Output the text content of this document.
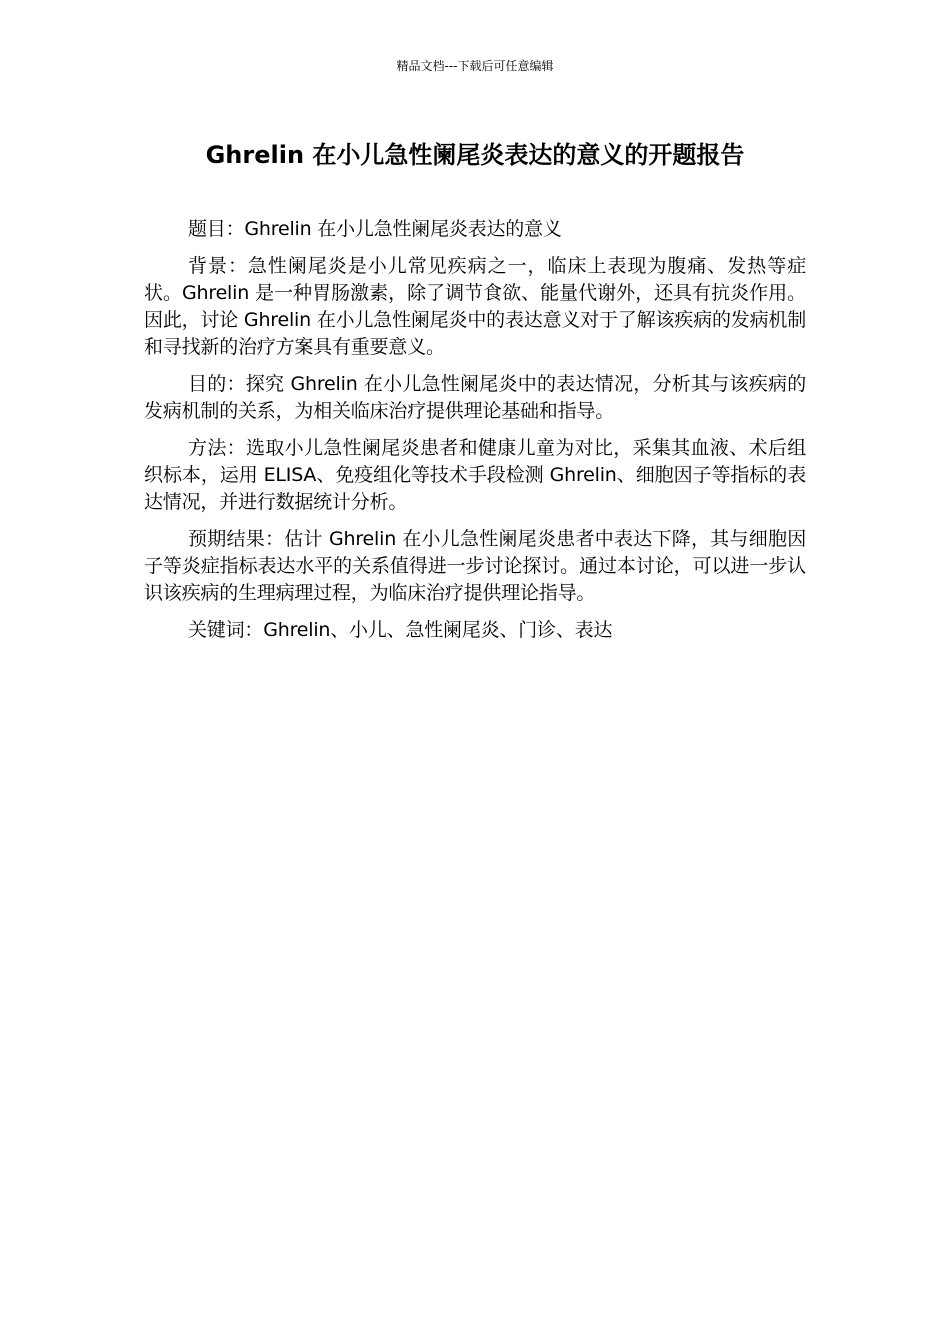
精品文档---下载后可任意编辑
Ghrelin 在小儿急性阑尾炎表达的意义的开题报告

题目：Ghrelin 在小儿急性阑尾炎表达的意义

背景：急性阑尾炎是小儿常见疾病之一，临床上表现为腹痛、发热等症状。Ghrelin 是一种胃肠激素，除了调节食欲、能量代谢外，还具有抗炎作用。因此，讨论 Ghrelin 在小儿急性阑尾炎中的表达意义对于了解该疾病的发病机制和寻找新的治疗方案具有重要意义。

目的：探究 Ghrelin 在小儿急性阑尾炎中的表达情况，分析其与该疾病的发病机制的关系，为相关临床治疗提供理论基础和指导。

方法：选取小儿急性阑尾炎患者和健康儿童为对比，采集其血液、术后组织标本，运用 ELISA、免疫组化等技术手段检测 Ghrelin、细胞因子等指标的表达情况，并进行数据统计分析。

预期结果：估计 Ghrelin 在小儿急性阑尾炎患者中表达下降，其与细胞因子等炎症指标表达水平的关系值得进一步讨论探讨。通过本讨论，可以进一步认识该疾病的生理病理过程，为临床治疗提供理论指导。

关键词：Ghrelin、小儿、急性阑尾炎、门诊、表达
